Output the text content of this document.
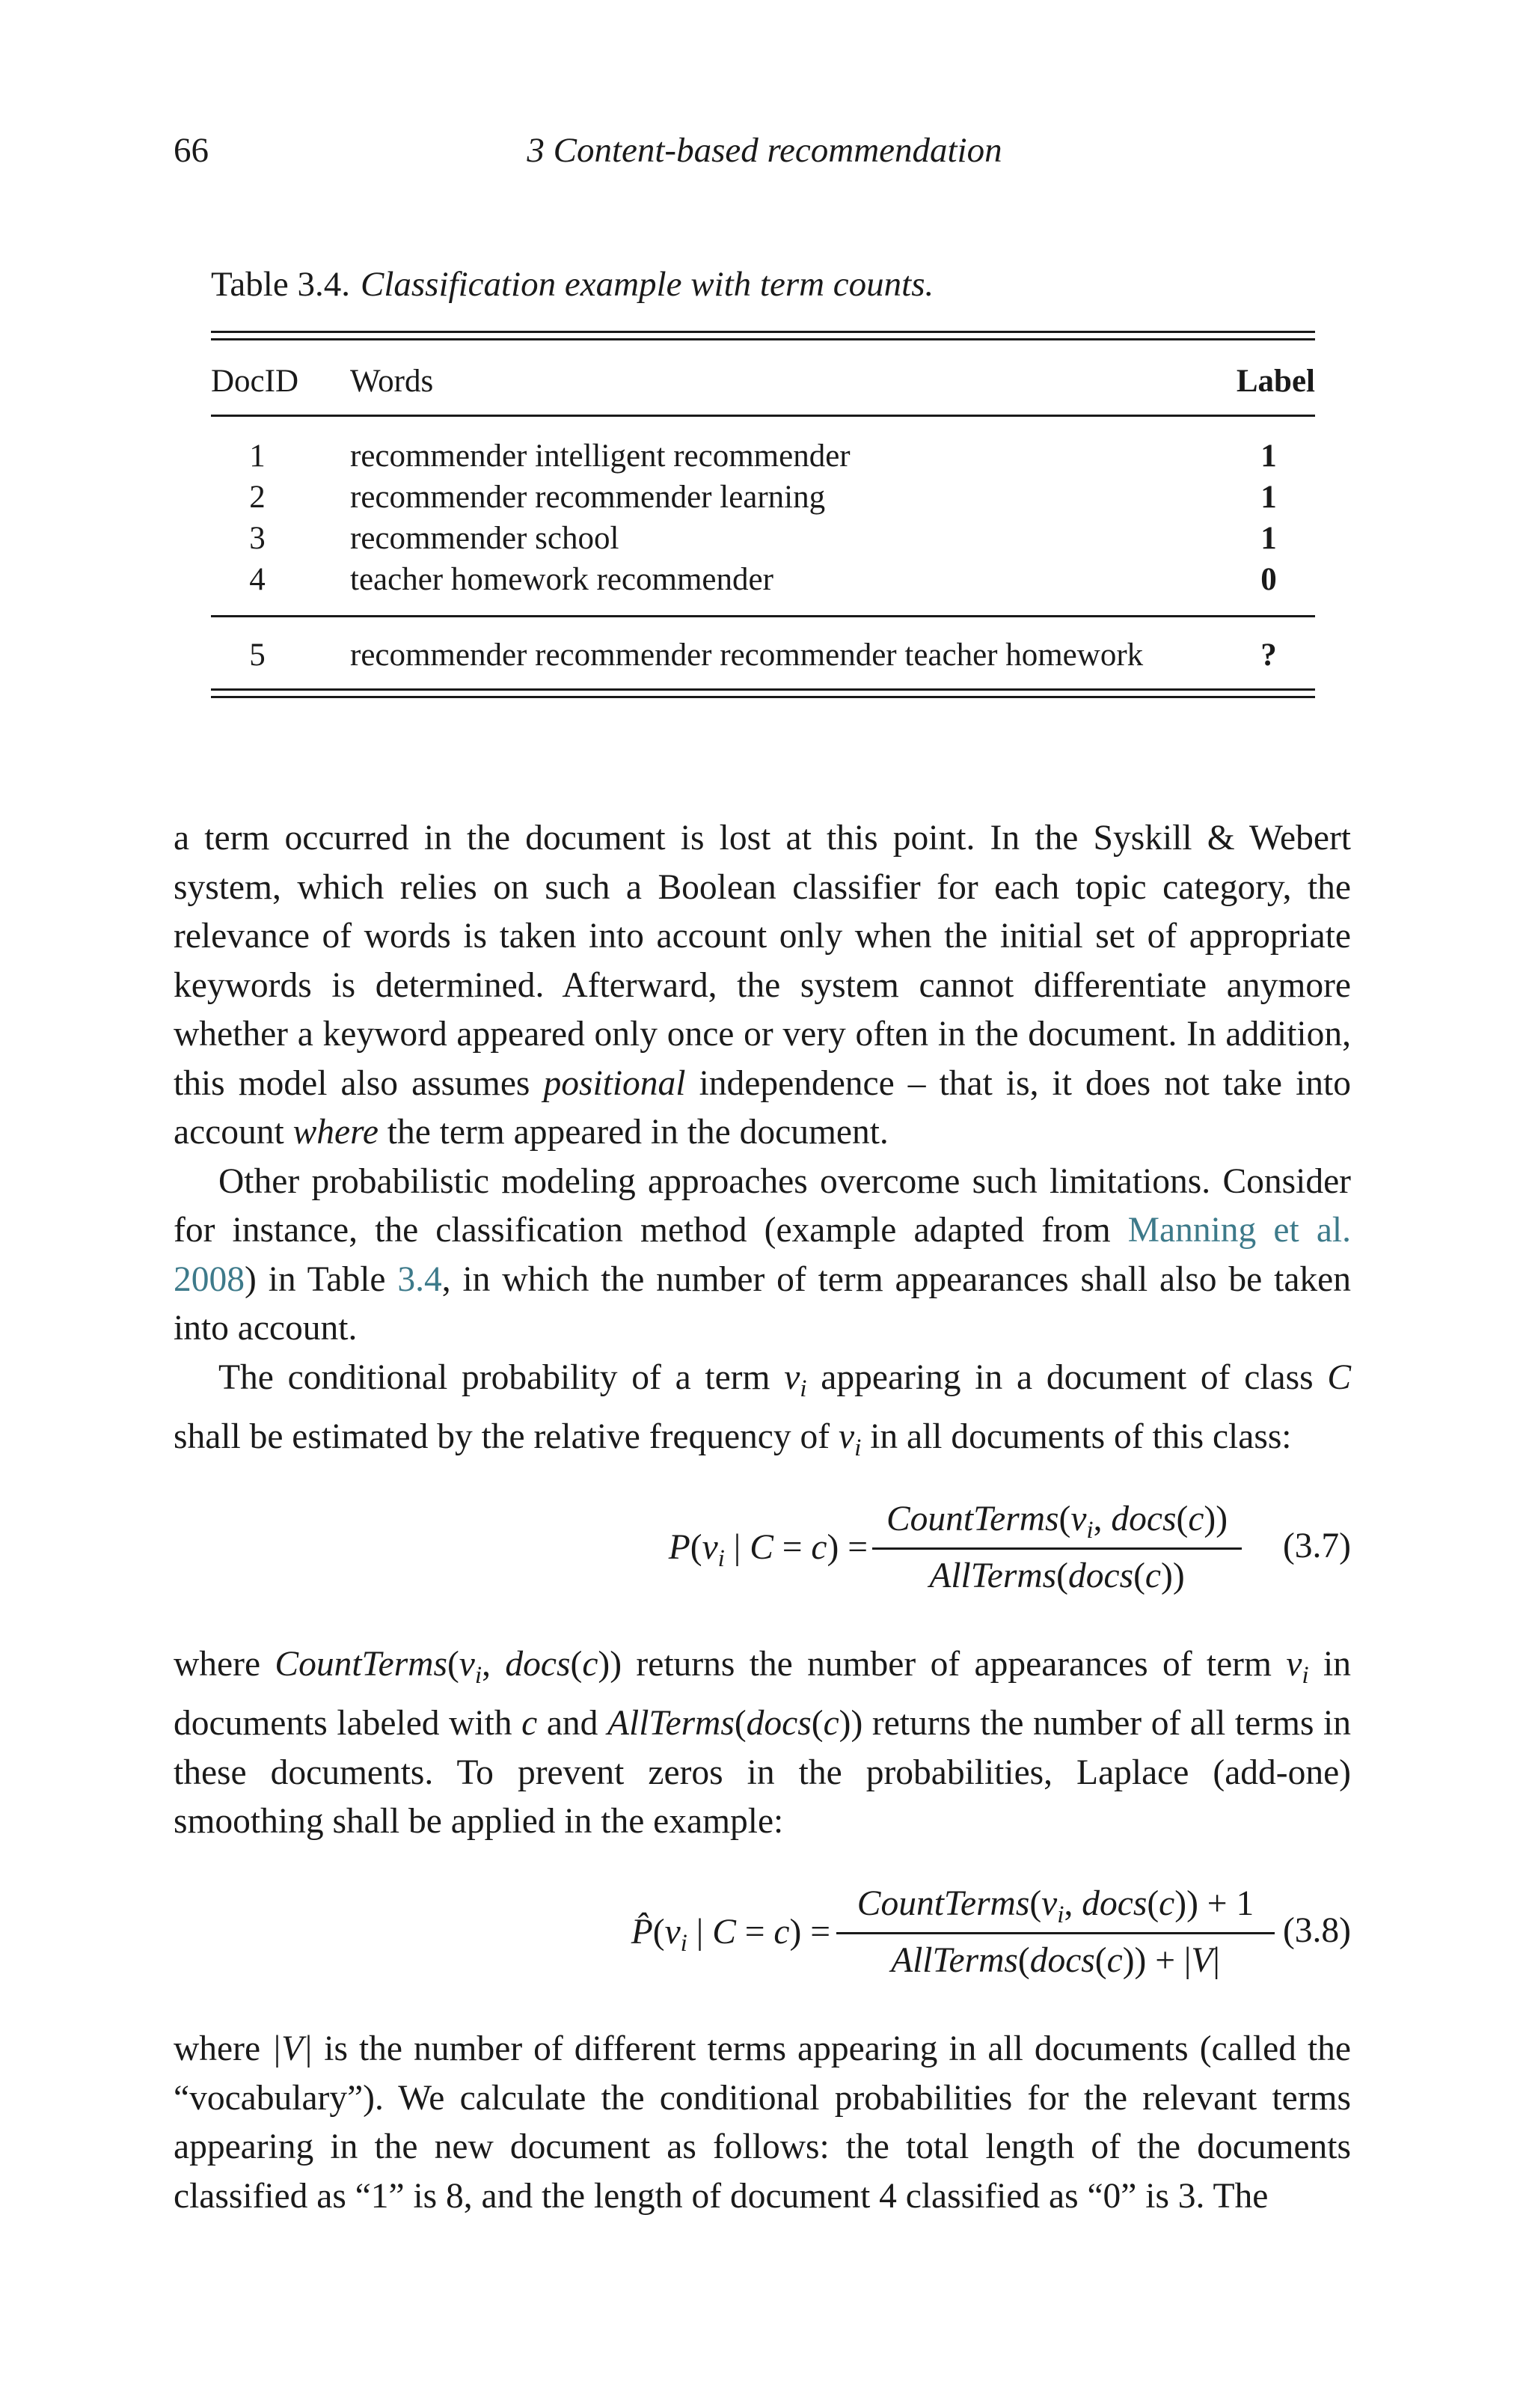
66	3 Content-based recommendation
Table 3.4. Classification example with term counts.
DocID Words	Label
1	recommender intelligent recommender	1
2	recommender recommender learning	1
3	recommender school	1
4	teacher homework recommender	0
5	recommender recommender recommender teacher homework	?

a term occurred in the document is lost at this point. In the Syskill & Webert system, which relies on such a Boolean classifier for each topic category, the relevance of words is taken into account only when the initial set of appropriate keywords is determined. Afterward, the system cannot differentiate anymore whether a keyword appeared only once or very often in the document. In addition, this model also assumes positional independence – that is, it does not take into account where the term appeared in the document.

Other probabilistic modeling approaches overcome such limitations. Consider for instance, the classification method (example adapted from Manning et al. 2008) in Table 3.4, in which the number of term appearances shall also be taken into account.

The conditional probability of a term $v_i$ appearing in a document of class C shall be estimated by the relative frequency of $v_i$ in all documents of this class:

$P(v_i$ | C = c) =
$CountTerms(v_i$, docs(c))
AllTerms(docs(c))
(3.7)

where $CountTerms(v_i$, docs(c)) returns the number of appearances of term $v_i$ in documents labeled with c and AllTerms(docs(c)) returns the number of all terms in these documents. To prevent zeros in the probabilities, Laplace (add-one) smoothing shall be applied in the example:

$P̂(v_i$ | C = c) =
$CountTerms(v_i$, docs(c)) + 1
AllTerms(docs(c)) + |V|
(3.8)

where |V| is the number of different terms appearing in all documents (called the “vocabulary”). We calculate the conditional probabilities for the relevant terms appearing in the new document as follows: the total length of the documents classified as “1” is 8, and the length of document 4 classified as “0” is 3. The
